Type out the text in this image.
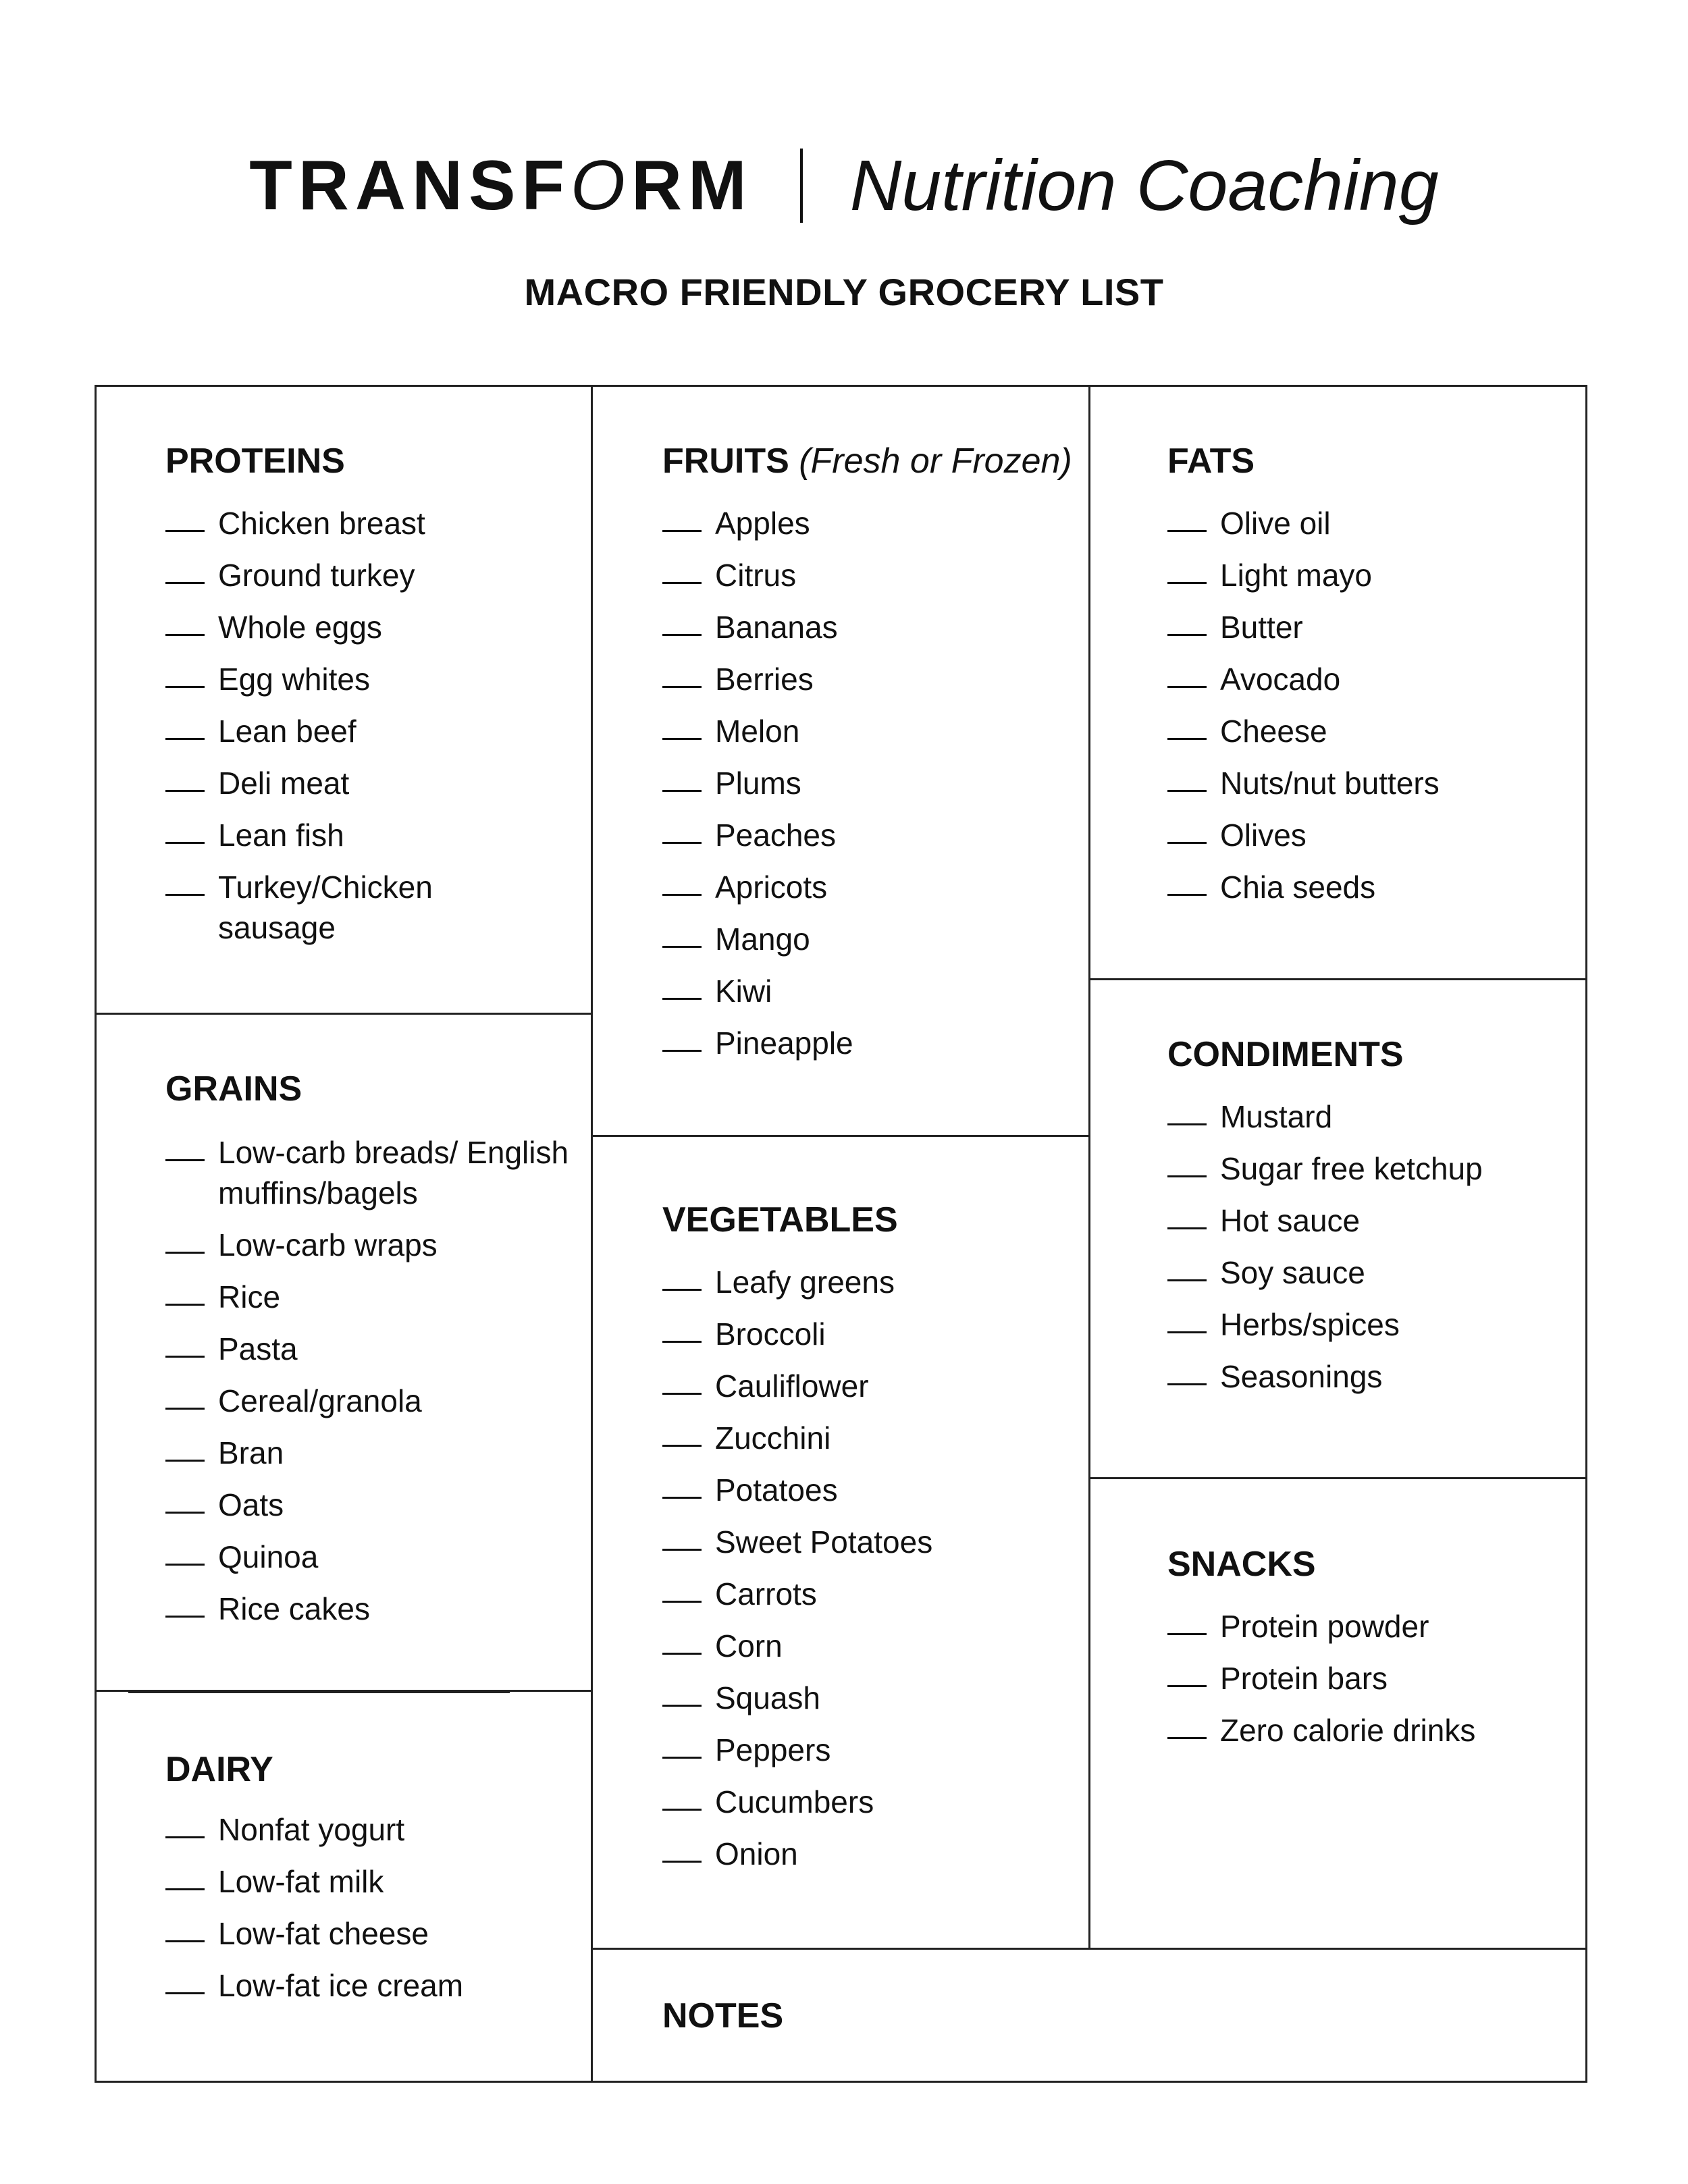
TRANSFORM Nutrition Coaching
MACRO FRIENDLY GROCERY LIST
PROTEINS
Chicken breast
Ground turkey
Whole eggs
Egg whites
Lean beef
Deli meat
Lean fish
Turkey/Chicken sausage
GRAINS
Low-carb breads/ English muffins/bagels
Low-carb wraps
Rice
Pasta
Cereal/granola
Bran
Oats
Quinoa
Rice cakes
DAIRY
Nonfat yogurt
Low-fat milk
Low-fat cheese
Low-fat ice cream
FRUITS (Fresh or Frozen)
Apples
Citrus
Bananas
Berries
Melon
Plums
Peaches
Apricots
Mango
Kiwi
Pineapple
VEGETABLES
Leafy greens
Broccoli
Cauliflower
Zucchini
Potatoes
Sweet Potatoes
Carrots
Corn
Squash
Peppers
Cucumbers
Onion
FATS
Olive oil
Light mayo
Butter
Avocado
Cheese
Nuts/nut butters
Olives
Chia seeds
CONDIMENTS
Mustard
Sugar free ketchup
Hot sauce
Soy sauce
Herbs/spices
Seasonings
SNACKS
Protein powder
Protein bars
Zero calorie drinks
NOTES
